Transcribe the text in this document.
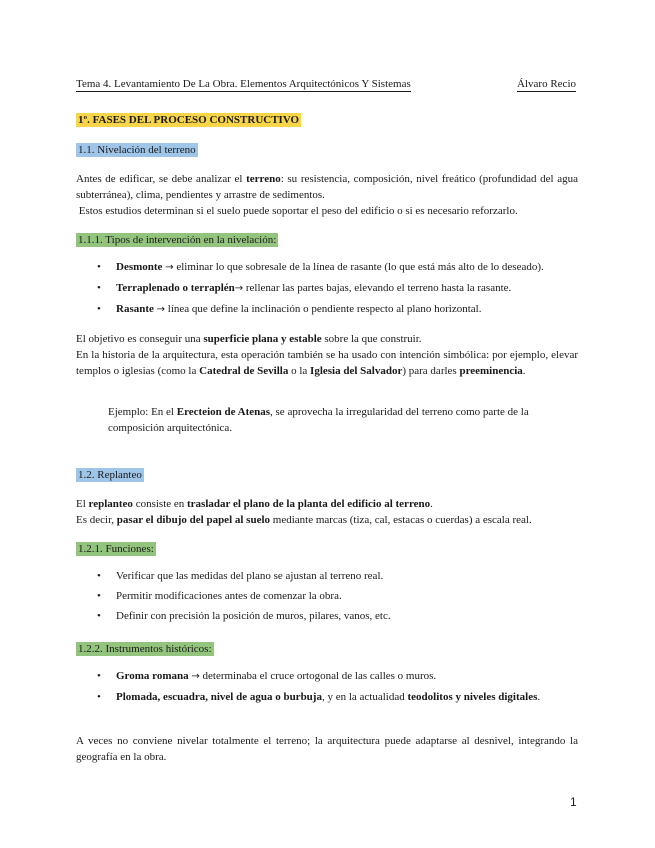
Tema 4. Levantamiento De La Obra. Elementos Arquitectónicos Y Sistemas	Álvaro Recio
1º. FASES DEL PROCESO CONSTRUCTIVO
1.1. Nivelación del terreno
Antes de edificar, se debe analizar el terreno: su resistencia, composición, nivel freático (profundidad del agua subterránea), clima, pendientes y arrastre de sedimentos.
Estos estudios determinan si el suelo puede soportar el peso del edificio o si es necesario reforzarlo.
1.1.1. Tipos de intervención en la nivelación:
• Desmonte → eliminar lo que sobresale de la línea de rasante (lo que está más alto de lo deseado).
• Terraplenado o terraplén→ rellenar las partes bajas, elevando el terreno hasta la rasante.
• Rasante → línea que define la inclinación o pendiente respecto al plano horizontal.
El objetivo es conseguir una superficie plana y estable sobre la que construir.
En la historia de la arquitectura, esta operación también se ha usado con intención simbólica: por ejemplo, elevar templos o iglesias (como la Catedral de Sevilla o la Iglesia del Salvador) para darles preeminencia.
Ejemplo: En el Erecteion de Atenas, se aprovecha la irregularidad del terreno como parte de la composición arquitectónica.
1.2. Replanteo
El replanteo consiste en trasladar el plano de la planta del edificio al terreno.
Es decir, pasar el dibujo del papel al suelo mediante marcas (tiza, cal, estacas o cuerdas) a escala real.
1.2.1. Funciones:
• Verificar que las medidas del plano se ajustan al terreno real.
• Permitir modificaciones antes de comenzar la obra.
• Definir con precisión la posición de muros, pilares, vanos, etc.
1.2.2. Instrumentos históricos:
• Groma romana → determinaba el cruce ortogonal de las calles o muros.
• Plomada, escuadra, nivel de agua o burbuja, y en la actualidad teodolitos y niveles digitales.
A veces no conviene nivelar totalmente el terreno; la arquitectura puede adaptarse al desnivel, integrando la geografía en la obra.
1
